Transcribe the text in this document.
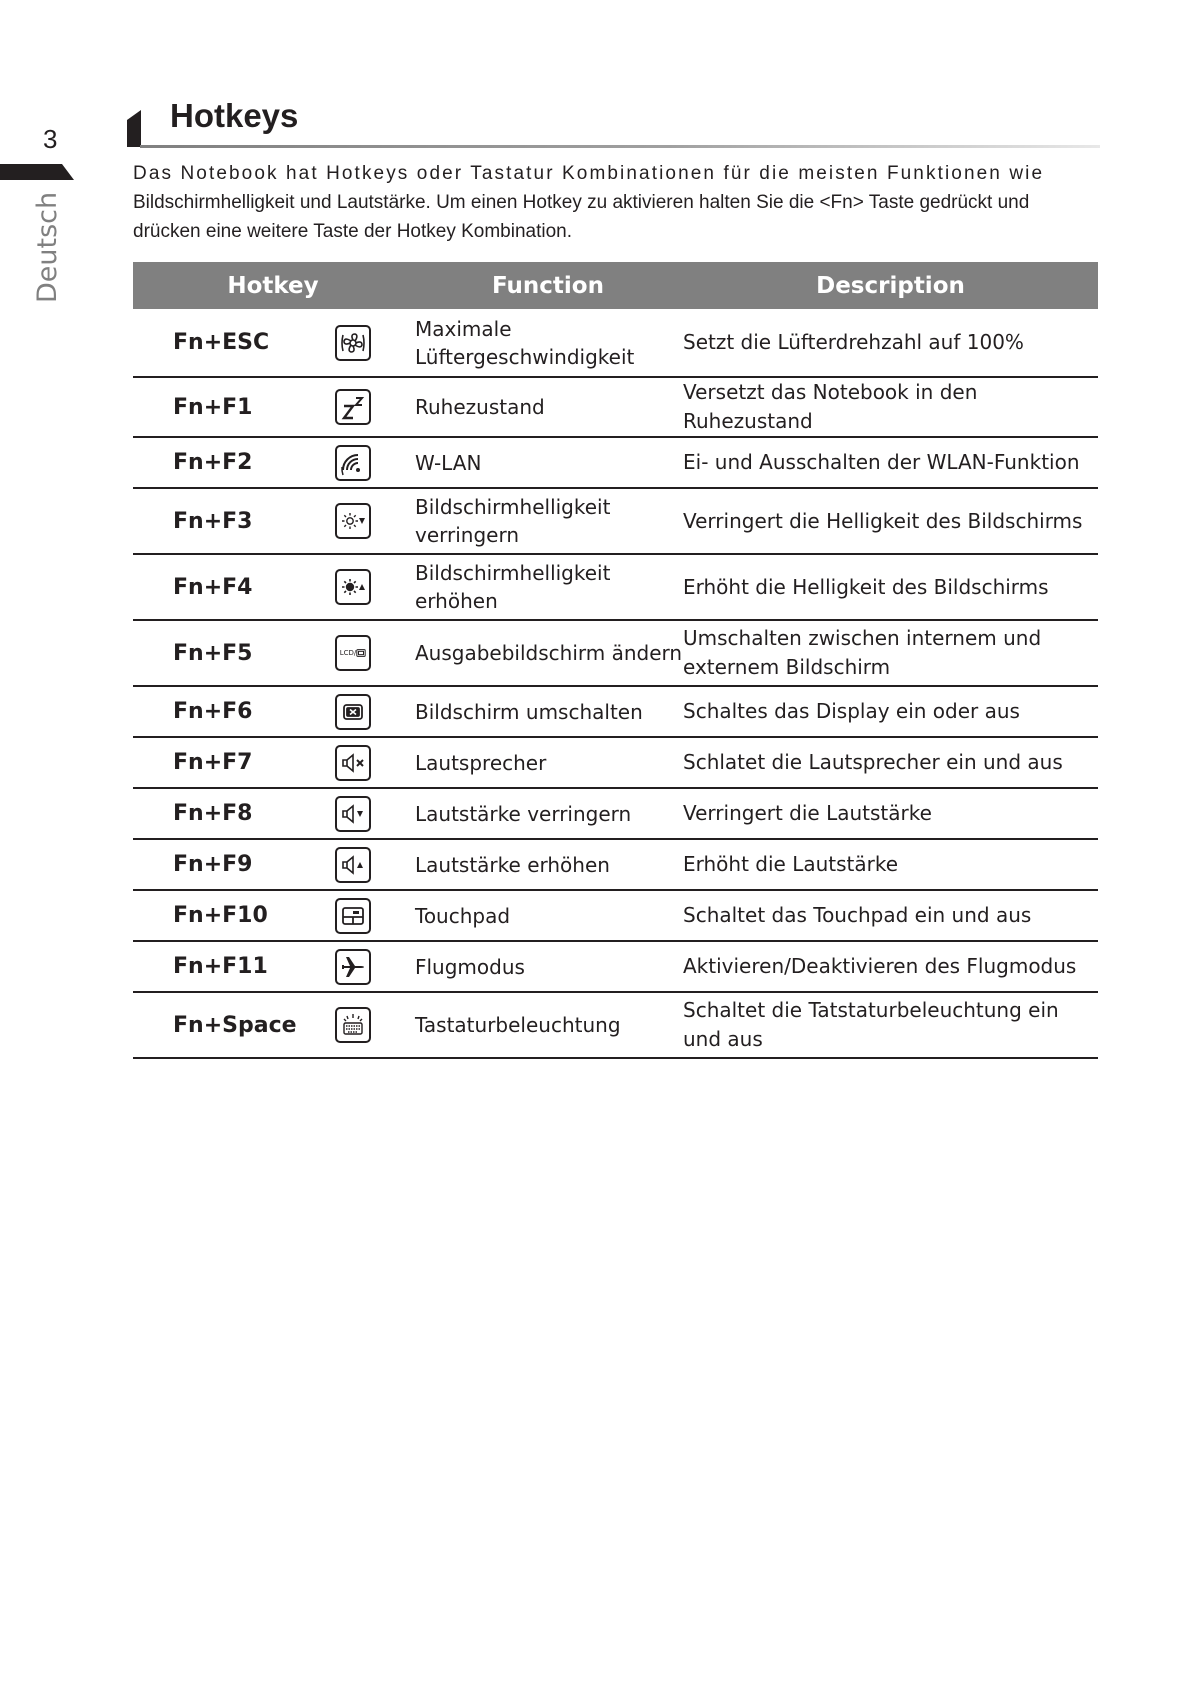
3
Deutsch
Hotkeys
Das Notebook hat Hotkeys oder Tastatur Kombinationen für die meisten Funktionen wie
Bildschirmhelligkeit und Lautstärke. Um einen Hotkey zu aktivieren halten Sie die <Fn> Taste gedrückt und drücken eine weitere Taste der Hotkey Kombination.
Hotkey		Function	Description
Fn+ESC		Maximale Lüftergeschwindigkeit	Setzt die Lüfterdrehzahl auf 100%
Fn+F1		Ruhezustand	Versetzt das Notebook in den Ruhezustand
Fn+F2		W-LAN	Ei- und Ausschalten der WLAN-Funktion
Fn+F3		Bildschirmhelligkeit verringern	Verringert die Helligkeit des Bildschirms
Fn+F4		Bildschirmhelligkeit erhöhen	Erhöht die Helligkeit des Bildschirms
Fn+F5	LCD/	Ausgabebildschirm ändern	Umschalten zwischen internem und externem Bildschirm
Fn+F6		Bildschirm umschalten	Schaltes das Display ein oder aus
Fn+F7		Lautsprecher	Schlatet die Lautsprecher ein und aus
Fn+F8		Lautstärke verringern	Verringert die Lautstärke
Fn+F9		Lautstärke erhöhen	Erhöht die Lautstärke
Fn+F10		Touchpad	Schaltet das Touchpad ein und aus
Fn+F11		Flugmodus	Aktivieren/Deaktivieren des Flugmodus
Fn+Space		Tastaturbeleuchtung	Schaltet die Tatstaturbeleuchtung ein und aus
